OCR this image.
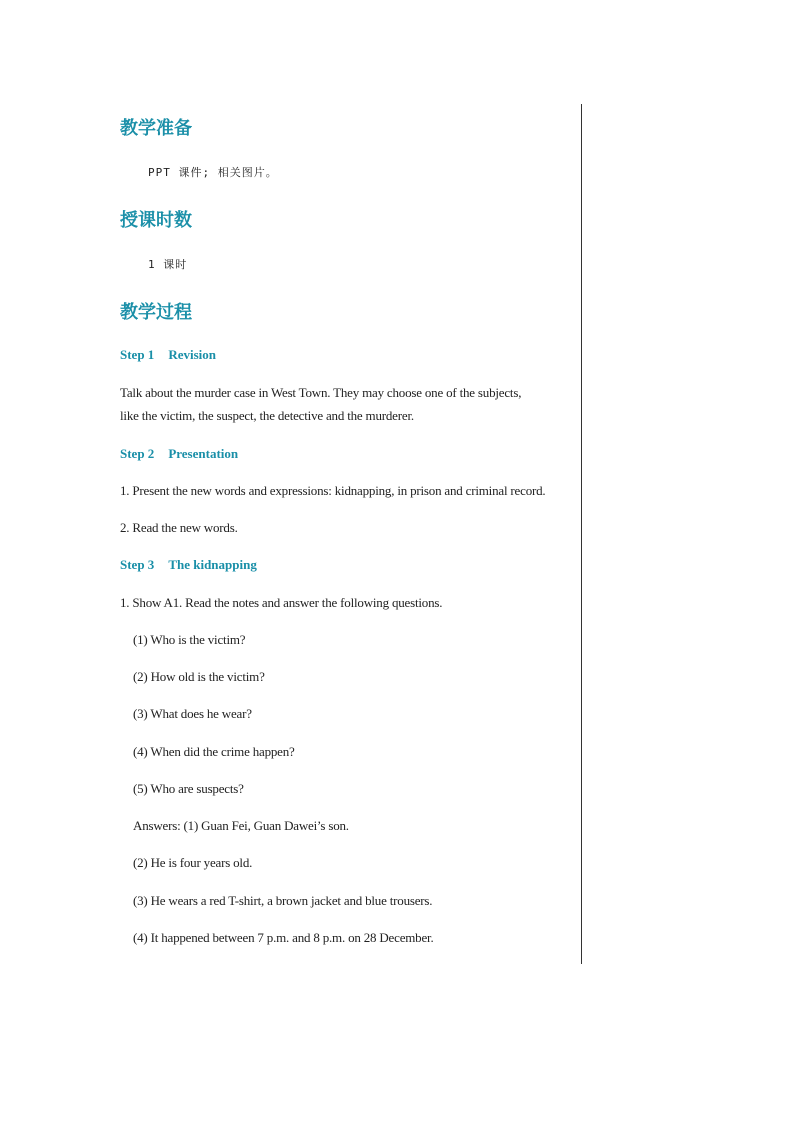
教学准备
PPT 课件; 相关图片。
授课时数
1 课时
教学过程
Step 1 Revision
Talk about the murder case in West Town. They may choose one of the subjects,
like the victim, the suspect, the detective and the murderer.
Step 2 Presentation
1. Present the new words and expressions: kidnapping, in prison and criminal record.
2. Read the new words.
Step 3 The kidnapping
1. Show A1. Read the notes and answer the following questions.
(1) Who is the victim?
(2) How old is the victim?
(3) What does he wear?
(4) When did the crime happen?
(5) Who are suspects?
Answers: (1) Guan Fei, Guan Dawei’s son.
(2) He is four years old.
(3) He wears a red T-shirt, a brown jacket and blue trousers.
(4) It happened between 7 p.m. and 8 p.m. on 28 December.
